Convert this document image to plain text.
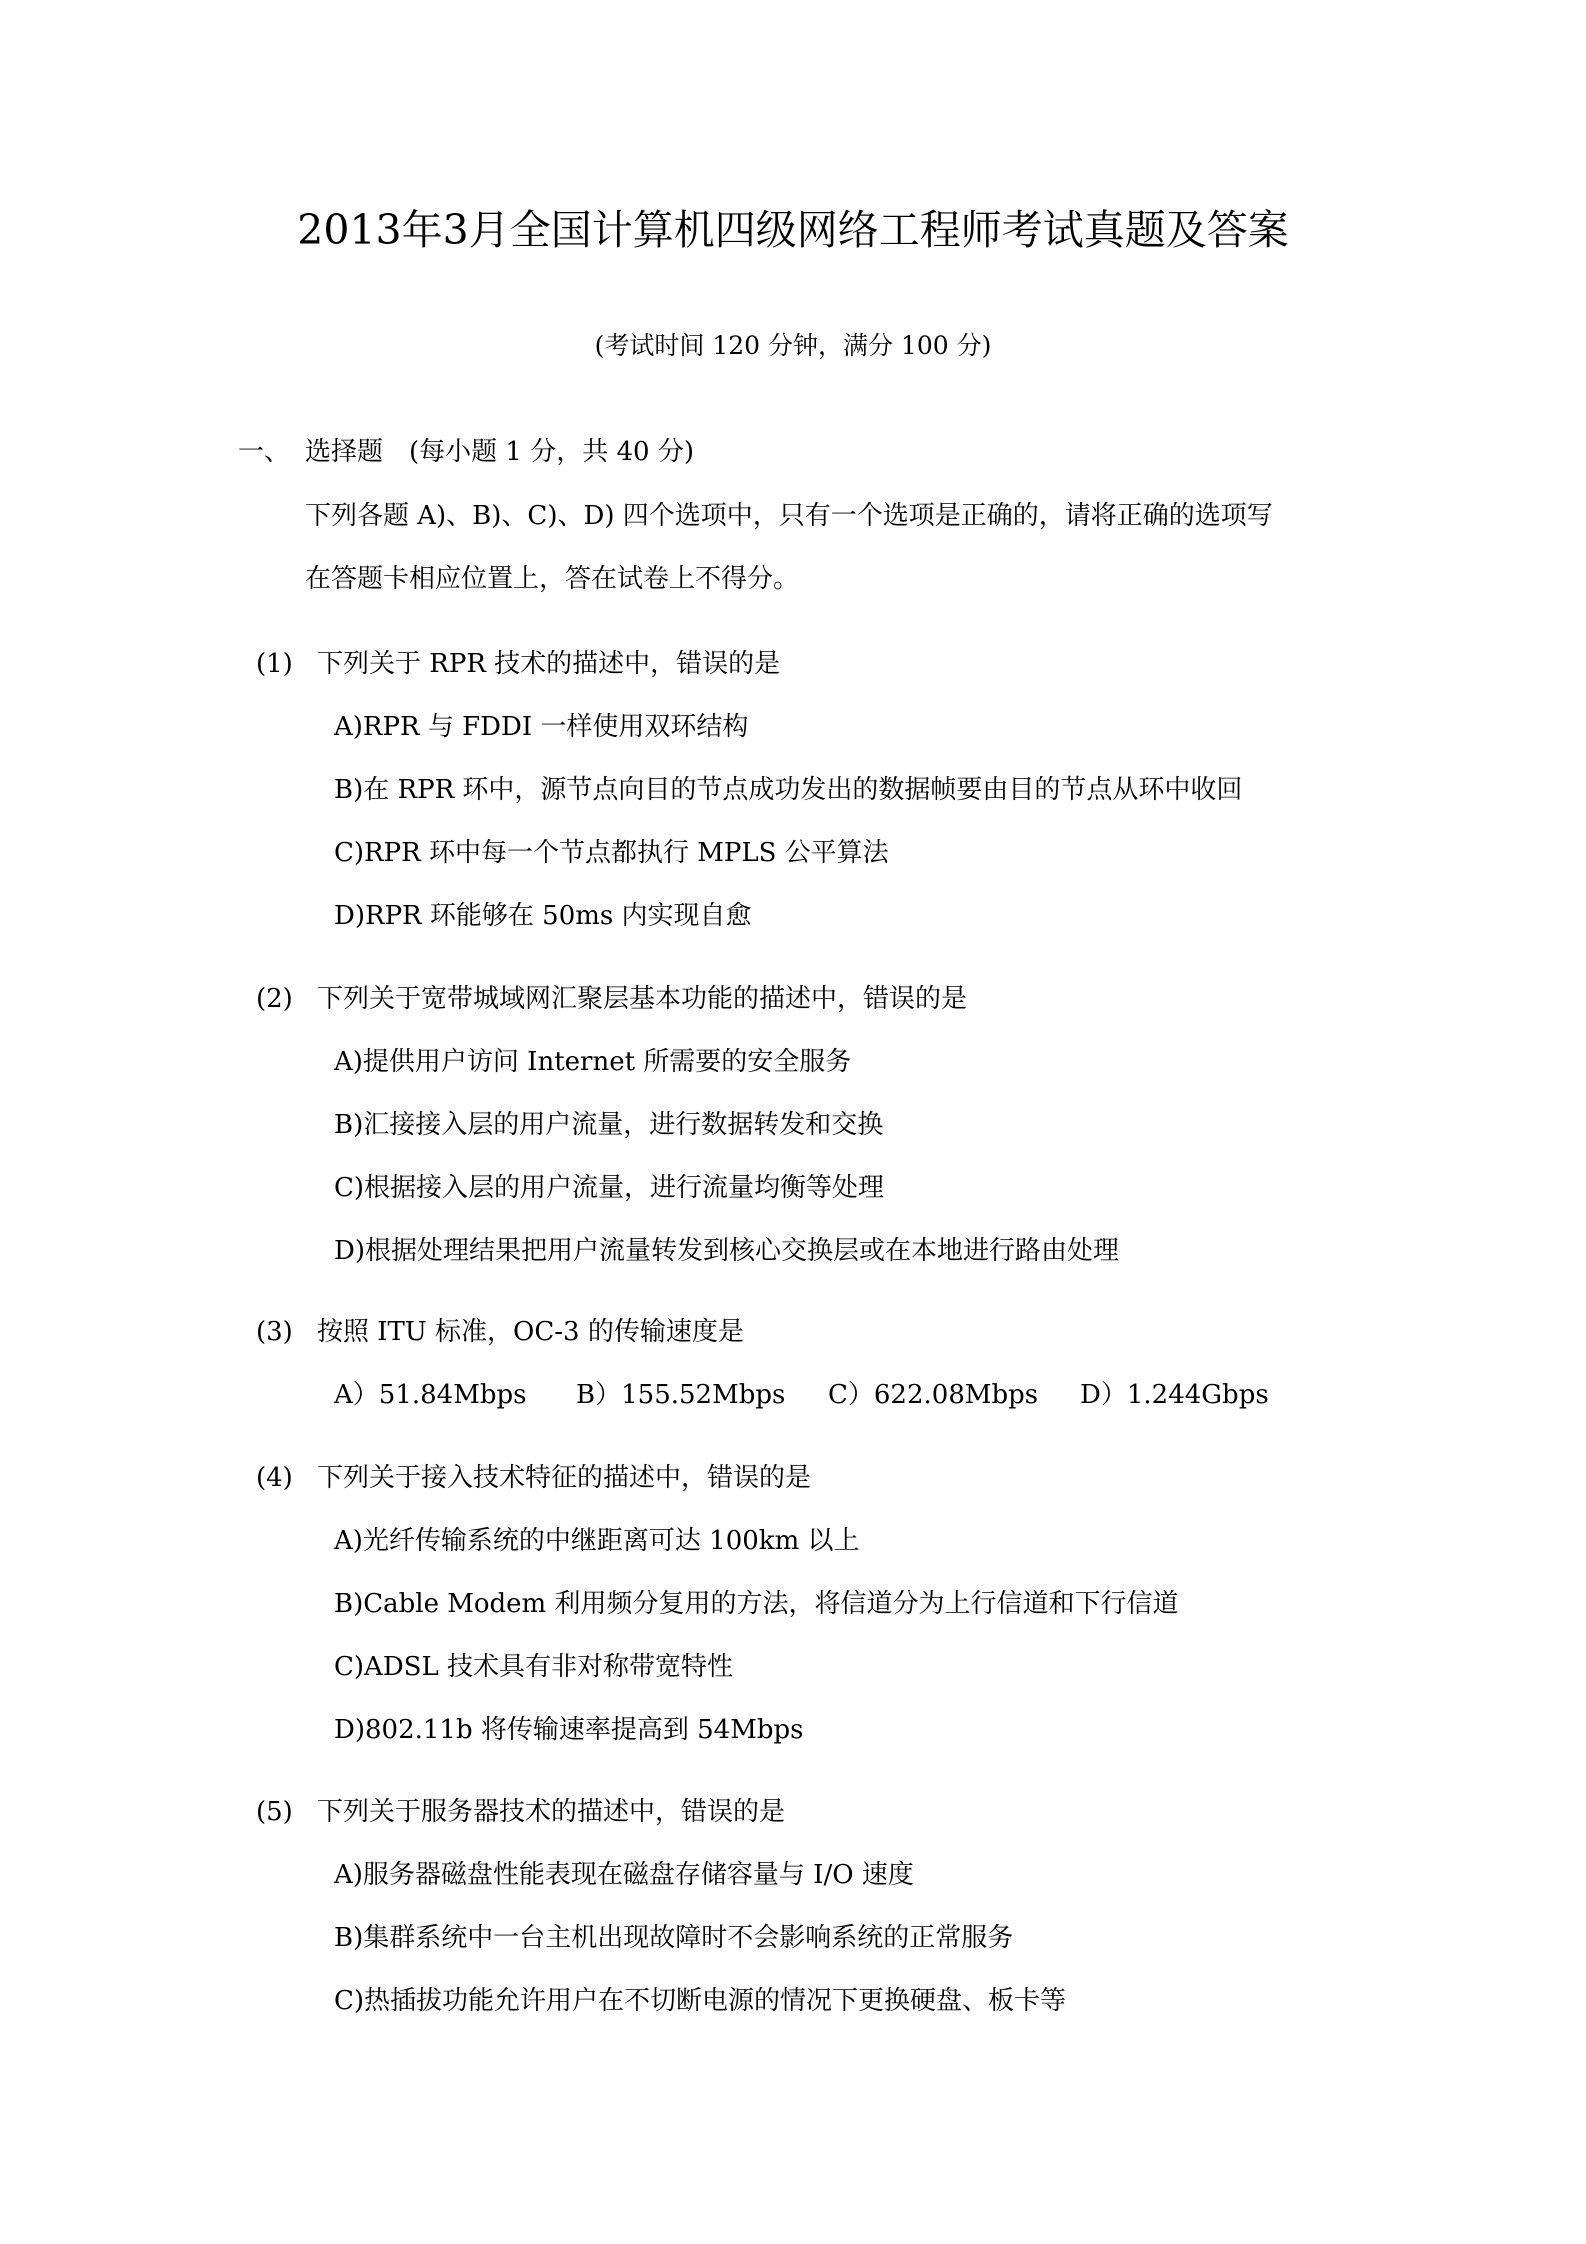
2013年3月全国计算机四级网络工程师考试真题及答案
(考试时间 120 分钟，满分 100 分)
一、 选择题　(每小题 1 分，共 40 分)
下列各题 A)、B)、C)、D) 四个选项中，只有一个选项是正确的，请将正确的选项写
在答题卡相应位置上，答在试卷上不得分。
(1) 下列关于 RPR 技术的描述中，错误的是
A)RPR 与 FDDI 一样使用双环结构
B)在 RPR 环中，源节点向目的节点成功发出的数据帧要由目的节点从环中收回
C)RPR 环中每一个节点都执行 MPLS 公平算法
D)RPR 环能够在 50ms 内实现自愈
(2) 下列关于宽带城域网汇聚层基本功能的描述中，错误的是
A)提供用户访问 Internet 所需要的安全服务
B)汇接接入层的用户流量，进行数据转发和交换
C)根据接入层的用户流量，进行流量均衡等处理
D)根据处理结果把用户流量转发到核心交换层或在本地进行路由处理
(3) 按照 ITU 标准，OC-3 的传输速度是
A）51.84Mbps B）155.52Mbps C）622.08Mbps D）1.244Gbps
(4) 下列关于接入技术特征的描述中，错误的是
A)光纤传输系统的中继距离可达 100km 以上
B)Cable Modem 利用频分复用的方法，将信道分为上行信道和下行信道
C)ADSL 技术具有非对称带宽特性
D)802.11b 将传输速率提高到 54Mbps
(5) 下列关于服务器技术的描述中，错误的是
A)服务器磁盘性能表现在磁盘存储容量与 I/O 速度
B)集群系统中一台主机出现故障时不会影响系统的正常服务
C)热插拔功能允许用户在不切断电源的情况下更换硬盘、板卡等
